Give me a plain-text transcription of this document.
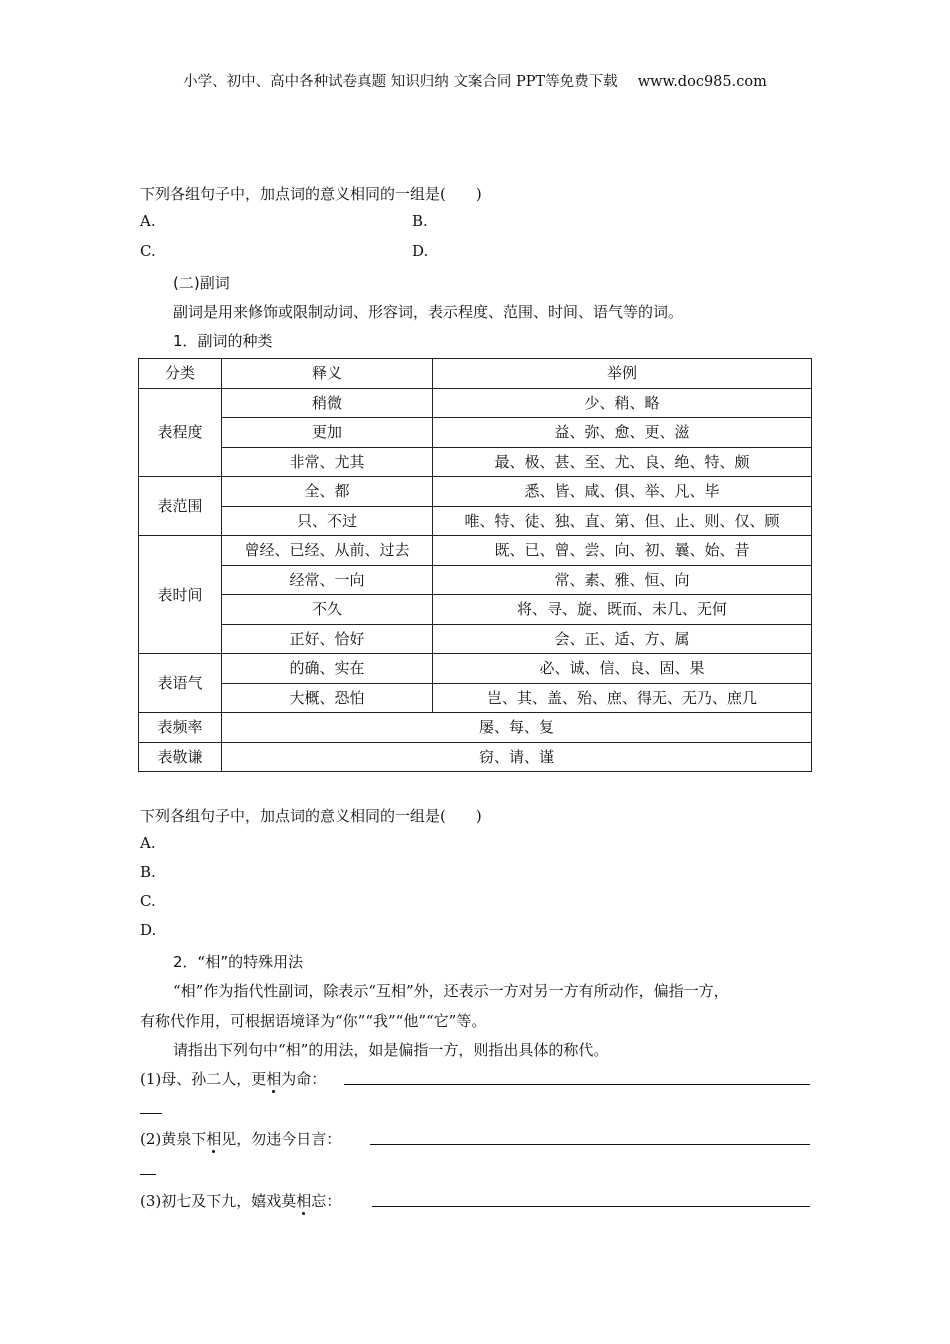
小学、初中、高中各种试卷真题 知识归纳 文案合同 PPT等免费下载 www.doc985.com
下列各组句子中，加点词的意义相同的一组是(　　)
A.	B.
C.	D.
(二)副词
副词是用来修饰或限制动词、形容词，表示程度、范围、时间、语气等的词。
1．副词的种类
分类	释义	举例
表程度	稍微	少、稍、略
	更加	益、弥、愈、更、滋
	非常、尤其	最、极、甚、至、尤、良、绝、特、颇
表范围	全、都	悉、皆、咸、俱、举、凡、毕
	只、不过	唯、特、徒、独、直、第、但、止、则、仅、顾
表时间	曾经、已经、从前、过去	既、已、曾、尝、向、初、曩、始、昔
	经常、一向	常、素、雅、恒、向
	不久	将、寻、旋、既而、未几、无何
	正好、恰好	会、正、适、方、属
表语气	的确、实在	必、诚、信、良、固、果
	大概、恐怕	岂、其、盖、殆、庶、得无、无乃、庶几
表频率	屡、每、复	
表敬谦	窃、请、谨	
下列各组句子中，加点词的意义相同的一组是(　　)
A.
B.
C.
D.
2．“相”的特殊用法
“相”作为指代性副词，除表示“互相”外，还表示一方对另一方有所动作，偏指一方，
有称代作用，可根据语境译为“你”“我”“他”“它”等。
请指出下列句中“相”的用法，如是偏指一方，则指出具体的称代。
(1)母、孙二人，更相为命：
(2)黄泉下相见，勿违今日言：
(3)初七及下九，嬉戏莫相忘：
